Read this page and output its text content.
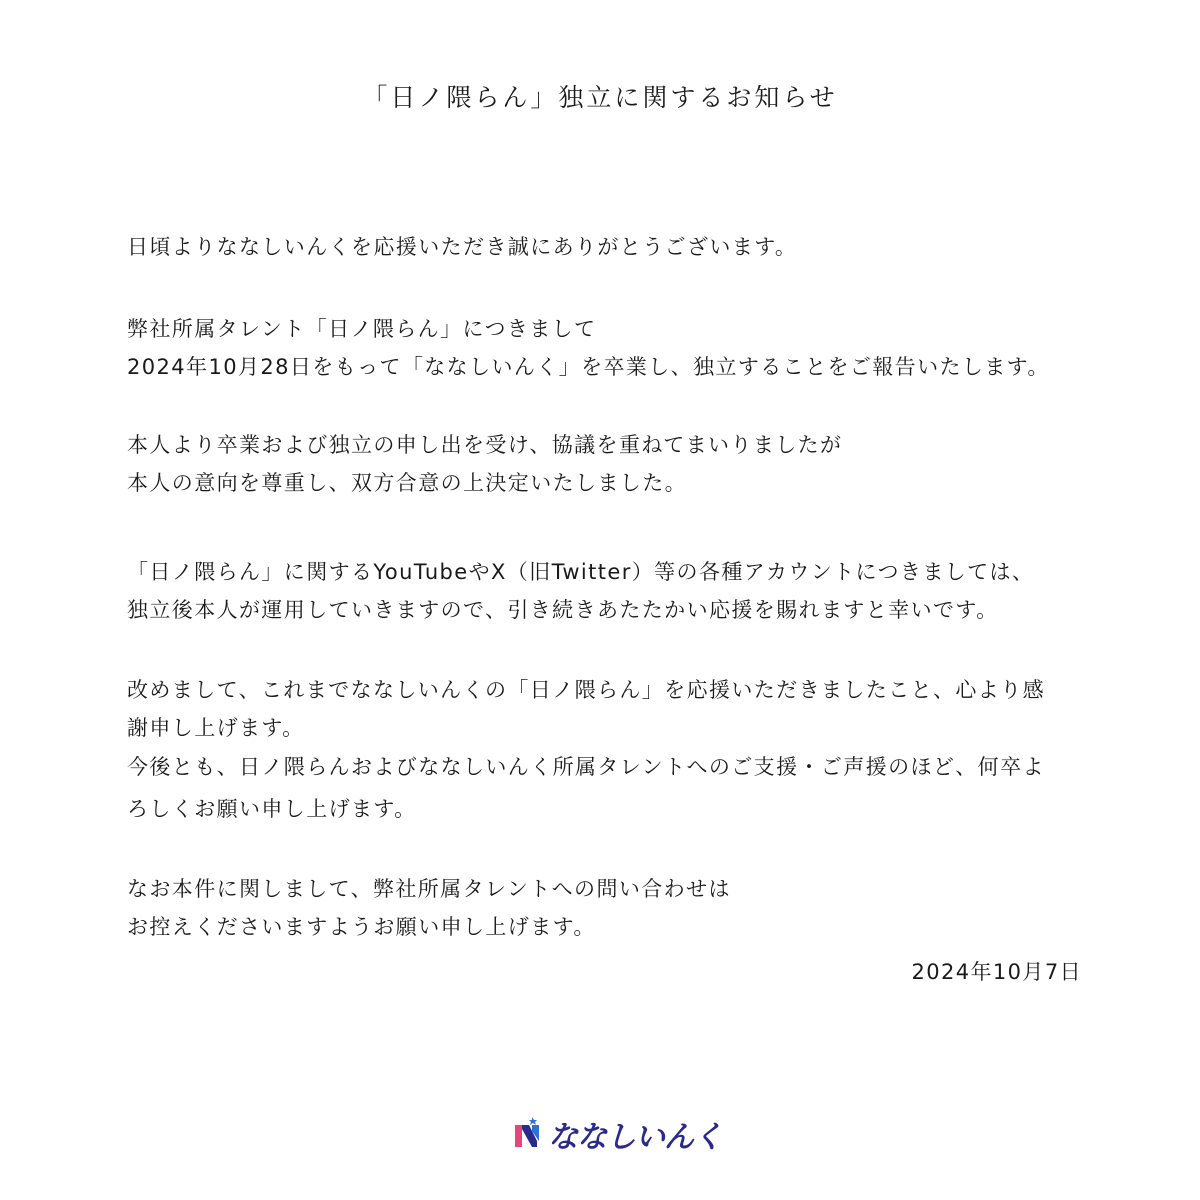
「日ノ隈らん」独立に関するお知らせ
日頃よりななしいんくを応援いただき誠にありがとうございます。
弊社所属タレント「日ノ隈らん」につきまして
2024年10月28日をもって「ななしいんく」を卒業し、独立することをご報告いたします。
本人より卒業および独立の申し出を受け、協議を重ねてまいりましたが
本人の意向を尊重し、双方合意の上決定いたしました。
「日ノ隈らん」に関するYouTubeやX（旧Twitter）等の各種アカウントにつきましては、
独立後本人が運用していきますので、引き続きあたたかい応援を賜れますと幸いです。
改めまして、これまでななしいんくの「日ノ隈らん」を応援いただきましたこと、心より感
謝申し上げます。
今後とも、日ノ隈らんおよびななしいんく所属タレントへのご支援・ご声援のほど、何卒よ
ろしくお願い申し上げます。
なお本件に関しまして、弊社所属タレントへの問い合わせは
お控えくださいますようお願い申し上げます。
2024年10月7日
ななしいんく
